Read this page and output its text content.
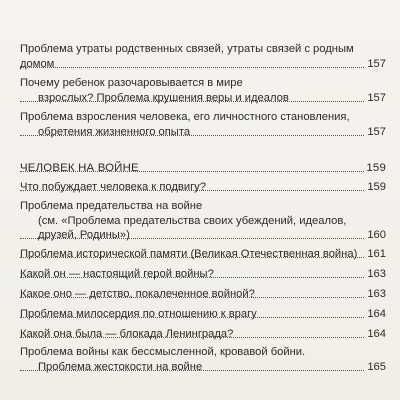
Проблема утраты родственных связей, утраты связей с родным
домом	157
Почему ребенок разочаровывается в мире
взрослых? Проблема крушения веры и идеалов	157
Проблема взросления человека, его личностного становления,
обретения жизненного опыта	157
ЧЕЛОВЕК НА ВОЙНЕ	159
Что побуждает человека к подвигу?	159
Проблема предательства на войне
(см. «Проблема предательства своих убеждений, идеалов,
друзей, Родины»)	160
Проблема исторической памяти (Великая Отечественная война) 161
Какой он — настоящий герой войны?	163
Какое оно — детство, покалеченное войной?	163
Проблема милосердия по отношению к врагу	164
Какой она была — блокада Ленинграда?	164
Проблема войны как бессмысленной, кровавой бойни.
Проблема жестокости на войне	165
